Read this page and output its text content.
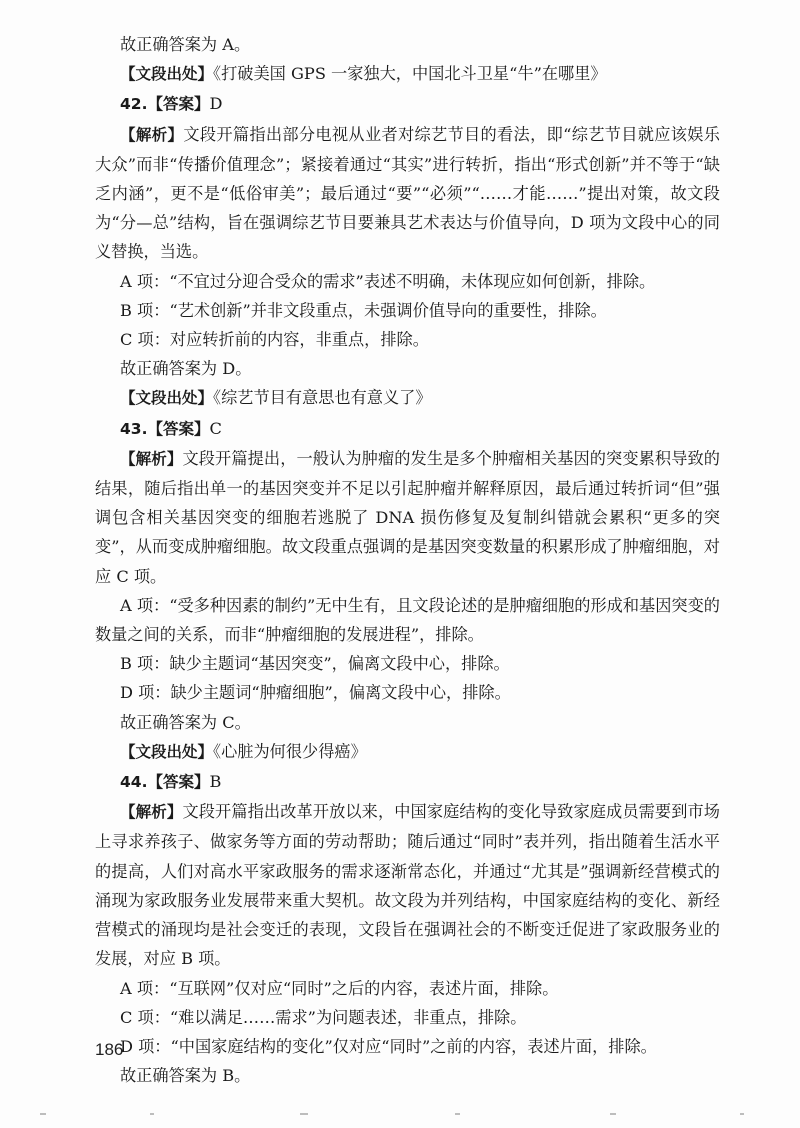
故正确答案为 A。

【文段出处】《打破美国 GPS 一家独大，中国北斗卫星“牛”在哪里》

42.【答案】D

【解析】文段开篇指出部分电视从业者对综艺节目的看法，即“综艺节目就应该娱乐大众”而非“传播价值理念”；紧接着通过“其实”进行转折，指出“形式创新”并不等于“缺乏内涵”，更不是“低俗审美”；最后通过“要”“必须”“……才能……”提出对策，故文段为“分—总”结构，旨在强调综艺节目要兼具艺术表达与价值导向，D 项为文段中心的同义替换，当选。

A 项：“不宜过分迎合受众的需求”表述不明确，未体现应如何创新，排除。

B 项：“艺术创新”并非文段重点，未强调价值导向的重要性，排除。

C 项：对应转折前的内容，非重点，排除。

故正确答案为 D。

【文段出处】《综艺节目有意思也有意义了》

43.【答案】C

【解析】文段开篇提出，一般认为肿瘤的发生是多个肿瘤相关基因的突变累积导致的结果，随后指出单一的基因突变并不足以引起肿瘤并解释原因，最后通过转折词“但”强调包含相关基因突变的细胞若逃脱了 DNA 损伤修复及复制纠错就会累积“更多的突变”，从而变成肿瘤细胞。故文段重点强调的是基因突变数量的积累形成了肿瘤细胞，对应 C 项。

A 项：“受多种因素的制约”无中生有，且文段论述的是肿瘤细胞的形成和基因突变的数量之间的关系，而非“肿瘤细胞的发展进程”，排除。

B 项：缺少主题词“基因突变”，偏离文段中心，排除。

D 项：缺少主题词“肿瘤细胞”，偏离文段中心，排除。

故正确答案为 C。

【文段出处】《心脏为何很少得癌》

44.【答案】B

【解析】文段开篇指出改革开放以来，中国家庭结构的变化导致家庭成员需要到市场上寻求养孩子、做家务等方面的劳动帮助；随后通过“同时”表并列，指出随着生活水平的提高，人们对高水平家政服务的需求逐渐常态化，并通过“尤其是”强调新经营模式的涌现为家政服务业发展带来重大契机。故文段为并列结构，中国家庭结构的变化、新经营模式的涌现均是社会变迁的表现，文段旨在强调社会的不断变迁促进了家政服务业的发展，对应 B 项。

A 项：“互联网”仅对应“同时”之后的内容，表述片面，排除。

C 项：“难以满足……需求”为问题表述，非重点，排除。

D 项：“中国家庭结构的变化”仅对应“同时”之前的内容，表述片面，排除。

故正确答案为 B。

186
